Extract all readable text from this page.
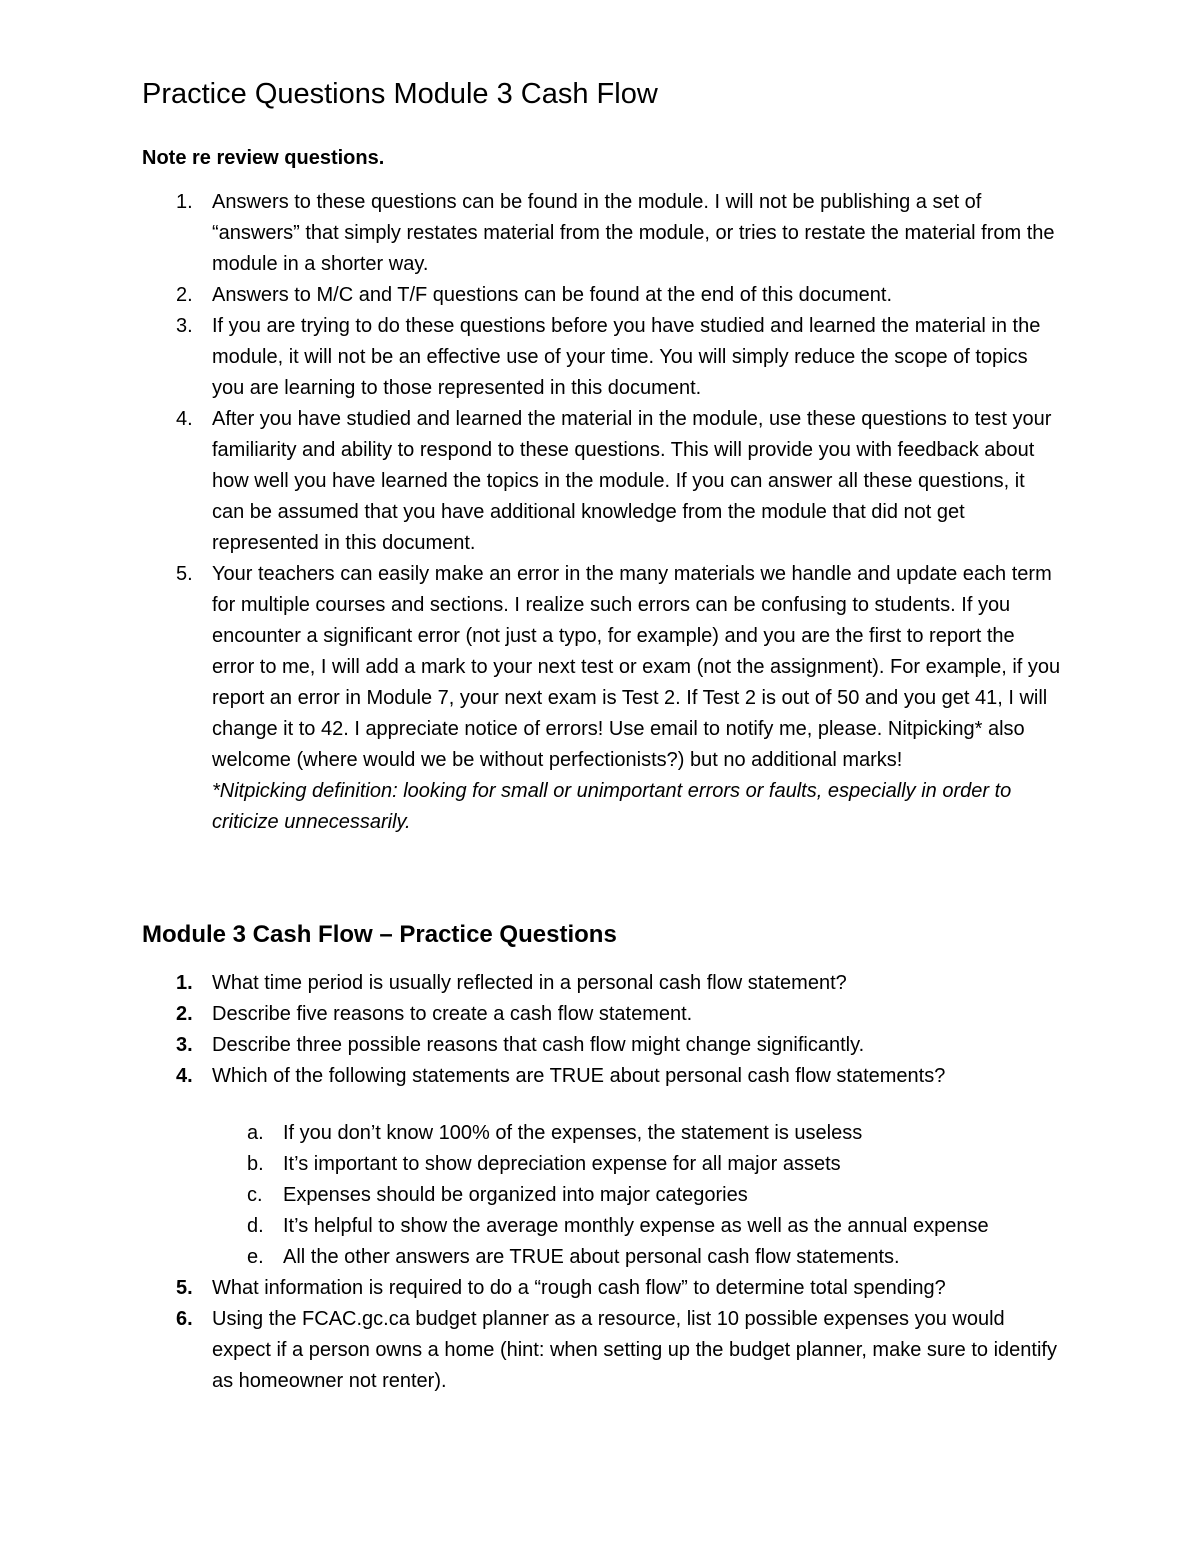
Practice Questions Module 3 Cash Flow

Note re review questions.

1. Answers to these questions can be found in the module. I will not be publishing a set of “answers” that simply restates material from the module, or tries to restate the material from the module in a shorter way.
2. Answers to M/C and T/F questions can be found at the end of this document.
3. If you are trying to do these questions before you have studied and learned the material in the module, it will not be an effective use of your time. You will simply reduce the scope of topics you are learning to those represented in this document.
4. After you have studied and learned the material in the module, use these questions to test your familiarity and ability to respond to these questions. This will provide you with feedback about how well you have learned the topics in the module. If you can answer all these questions, it can be assumed that you have additional knowledge from the module that did not get represented in this document.
5. Your teachers can easily make an error in the many materials we handle and update each term for multiple courses and sections. I realize such errors can be confusing to students. If you encounter a significant error (not just a typo, for example) and you are the first to report the error to me, I will add a mark to your next test or exam (not the assignment). For example, if you report an error in Module 7, your next exam is Test 2. If Test 2 is out of 50 and you get 41, I will change it to 42. I appreciate notice of errors! Use email to notify me, please. Nitpicking* also welcome (where would we be without perfectionists?) but no additional marks!
*Nitpicking definition: looking for small or unimportant errors or faults, especially in order to criticize unnecessarily.
Module 3 Cash Flow – Practice Questions
1. What time period is usually reflected in a personal cash flow statement?
2. Describe five reasons to create a cash flow statement.
3. Describe three possible reasons that cash flow might change significantly.
4. Which of the following statements are TRUE about personal cash flow statements?
a. If you don’t know 100% of the expenses, the statement is useless
b. It’s important to show depreciation expense for all major assets
c. Expenses should be organized into major categories
d. It’s helpful to show the average monthly expense as well as the annual expense
e. All the other answers are TRUE about personal cash flow statements.
5. What information is required to do a “rough cash flow” to determine total spending?
6. Using the FCAC.gc.ca budget planner as a resource, list 10 possible expenses you would expect if a person owns a home (hint: when setting up the budget planner, make sure to identify as homeowner not renter).
